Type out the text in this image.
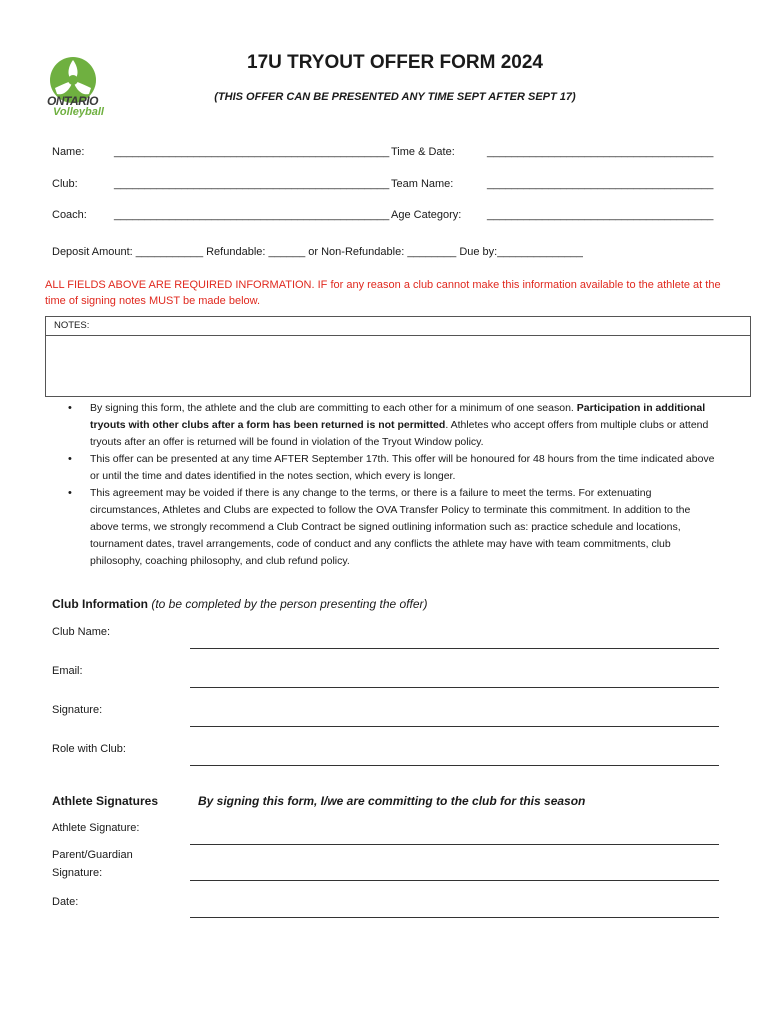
ONTARIO
Volleyball
17U TRYOUT OFFER FORM 2024
(THIS OFFER CAN BE PRESENTED ANY TIME SEPT AFTER SEPT 17)
Name:	_____________________________________________ Time & Date:	_____________________________________
Club:	_____________________________________________ Team Name:	_____________________________________
Coach: _____________________________________________ Age Category: _____________________________________
Deposit Amount: ___________ Refundable: ______ or Non-Refundable: ________ Due by:______________
ALL FIELDS ABOVE ARE REQUIRED INFORMATION. IF for any reason a club cannot make this information available to the athlete at the time of signing notes MUST be made below.
NOTES:
• By signing this form, the athlete and the club are committing to each other for a minimum of one season. Participation in additional tryouts with other clubs after a form has been returned is not permitted. Athletes who accept offers from multiple clubs or attend tryouts after an offer is returned will be found in violation of the Tryout Window policy.
• This offer can be presented at any time AFTER September 17th. This offer will be honoured for 48 hours from the time indicated above or until the time and dates identified in the notes section, which every is longer.
• This agreement may be voided if there is any change to the terms, or there is a failure to meet the terms. For extenuating circumstances, Athletes and Clubs are expected to follow the OVA Transfer Policy to terminate this commitment. In addition to the above terms, we strongly recommend a Club Contract be signed outlining information such as: practice schedule and locations, tournament dates, travel arrangements, code of conduct and any conflicts the athlete may have with team commitments, club philosophy, coaching philosophy, and club refund policy.
Club Information (to be completed by the person presenting the offer)
Club Name:
Email:
Signature:
Role with Club:
Athlete Signatures	By signing this form, I/we are committing to the club for this season
Athlete Signature:
Parent/Guardian
Signature:
Date:
